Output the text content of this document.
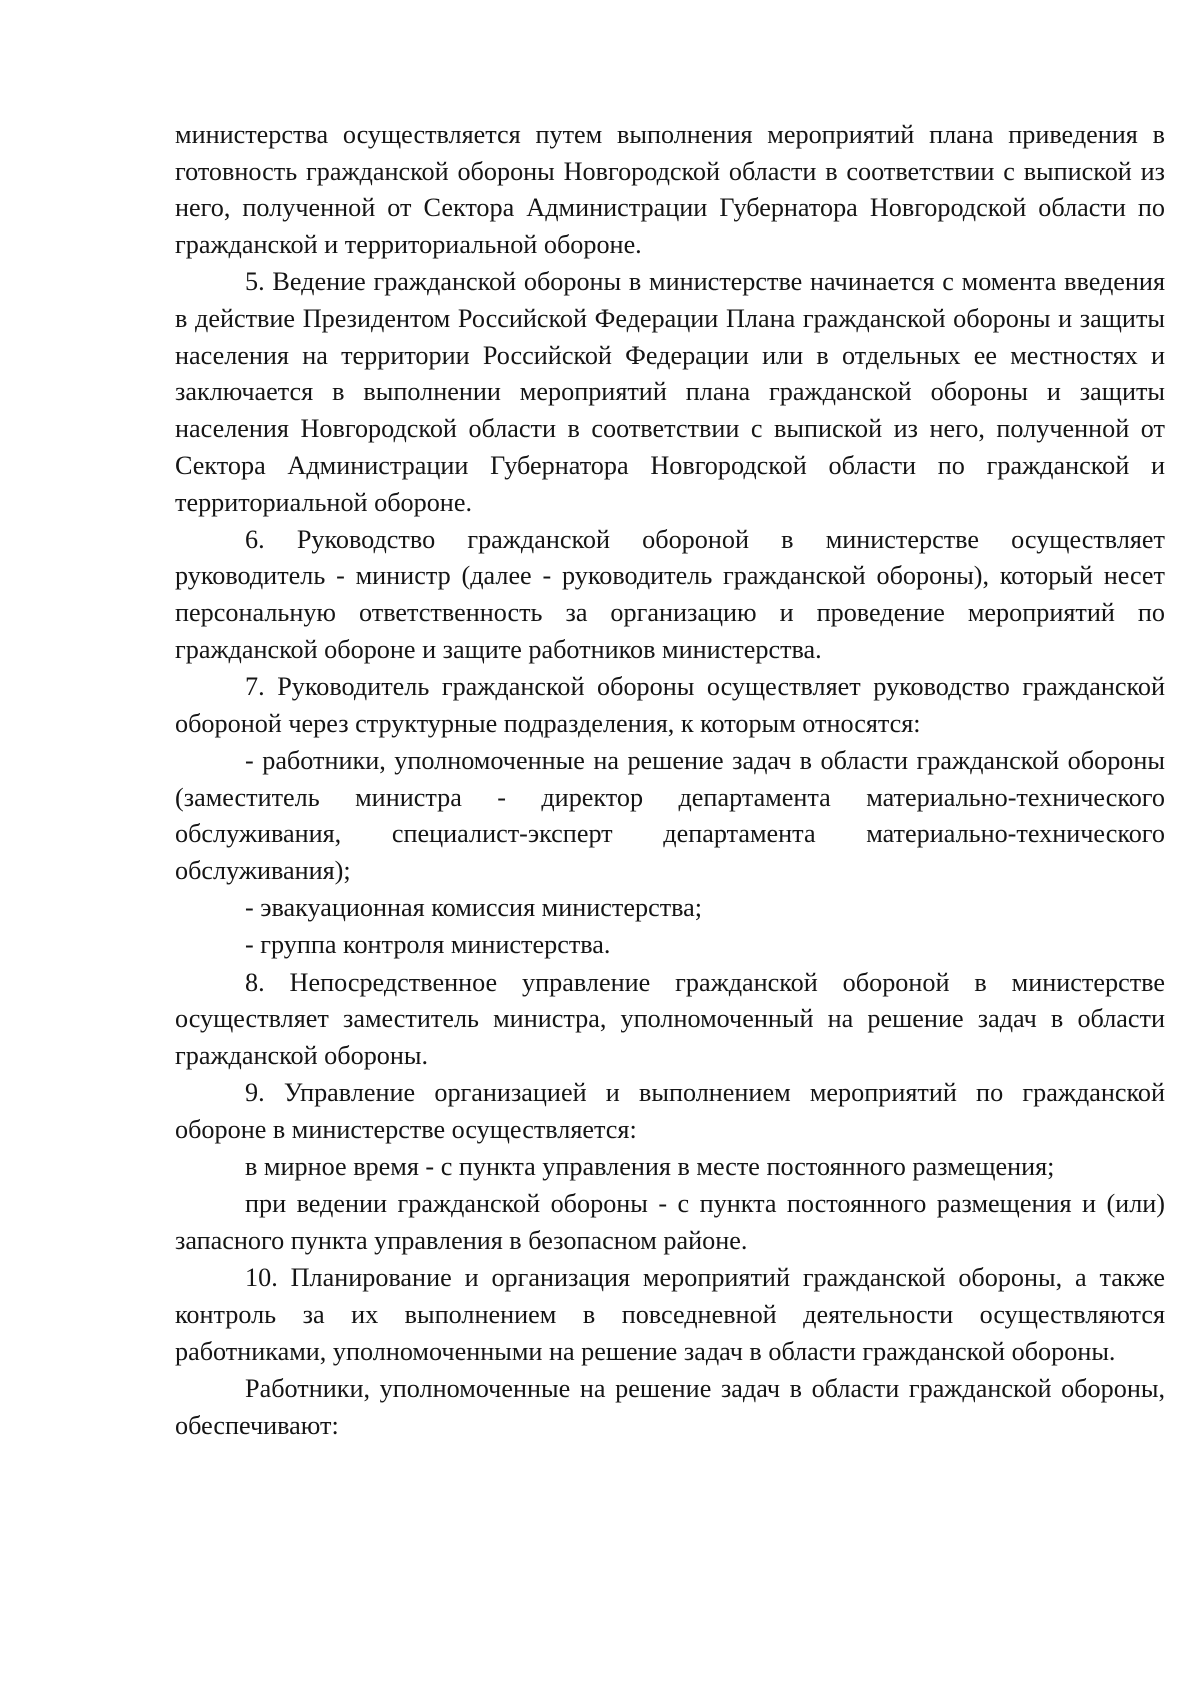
министерства осуществляется путем выполнения мероприятий плана приведения в готовность гражданской обороны Новгородской области в соответствии с выпиской из него, полученной от Сектора Администрации Губернатора Новгородской области по гражданской и территориальной обороне.

5. Ведение гражданской обороны в министерстве начинается с момента введения в действие Президентом Российской Федерации Плана гражданской обороны и защиты населения на территории Российской Федерации или в отдельных ее местностях и заключается в выполнении мероприятий плана гражданской обороны и защиты населения Новгородской области в соответствии с выпиской из него, полученной от Сектора Администрации Губернатора Новгородской области по гражданской и территориальной обороне.

6. Руководство гражданской обороной в министерстве осуществляет руководитель - министр (далее - руководитель гражданской обороны), который несет персональную ответственность за организацию и проведение мероприятий по гражданской обороне и защите работников министерства.

7. Руководитель гражданской обороны осуществляет руководство гражданской обороной через структурные подразделения, к которым относятся:

- работники, уполномоченные на решение задач в области гражданской обороны (заместитель министра - директор департамента материально-технического обслуживания, специалист-эксперт департамента материально-технического обслуживания);

- эвакуационная комиссия министерства;

- группа контроля министерства.

8. Непосредственное управление гражданской обороной в министерстве осуществляет заместитель министра, уполномоченный на решение задач в области гражданской обороны.

9. Управление организацией и выполнением мероприятий по гражданской обороне в министерстве осуществляется:

в мирное время - с пункта управления в месте постоянного размещения;

при ведении гражданской обороны - с пункта постоянного размещения и (или) запасного пункта управления в безопасном районе.

10. Планирование и организация мероприятий гражданской обороны, а также контроль за их выполнением в повседневной деятельности осуществляются работниками, уполномоченными на решение задач в области гражданской обороны.

Работники, уполномоченные на решение задач в области гражданской обороны, обеспечивают:
